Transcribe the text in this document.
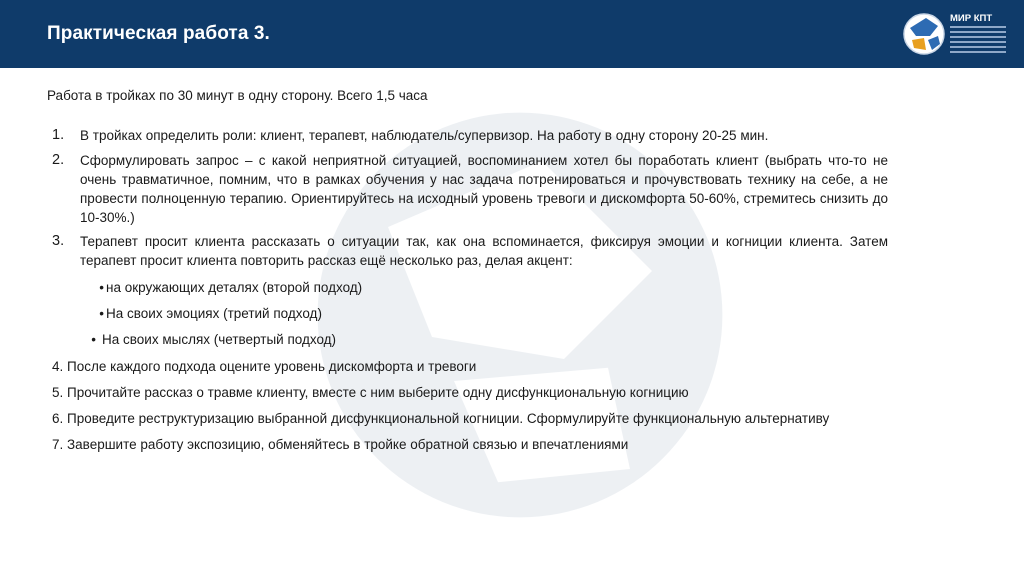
Практическая работа 3.
МИР КПТ
Работа в тройках по 30 минут в одну сторону. Всего 1,5 часа
1.	В тройках определить роли: клиент, терапевт, наблюдатель/супервизор. На работу в одну сторону 20-25 мин.
2.	Сформулировать запрос – с какой неприятной ситуацией, воспоминанием хотел бы поработать клиент (выбрать что-то не очень травматичное, помним, что в рамках обучения у нас задача потренироваться и прочувствовать технику на себе, а не провести полноценную терапию. Ориентируйтесь на исходный уровень тревоги и дискомфорта 50-60%, стремитесь снизить до 10-30%.)
3.	Терапевт просит клиента рассказать о ситуации так, как она вспоминается, фиксируя эмоции и когниции клиента. Затем терапевт просит клиента повторить рассказ ещё несколько раз, делая акцент:
• на окружающих деталях (второй подход)
• На своих эмоциях (третий подход)
• На своих мыслях (четвертый подход)
4. После каждого подхода оцените уровень дискомфорта и тревоги
5. Прочитайте рассказ о травме клиенту, вместе с ним выберите одну дисфункциональную когницию
6. Проведите реструктуризацию выбранной дисфункциональной когниции. Сформулируйте функциональную альтернативу
7. Завершите работу экспозицию, обменяйтесь в тройке обратной связью и впечатлениями
